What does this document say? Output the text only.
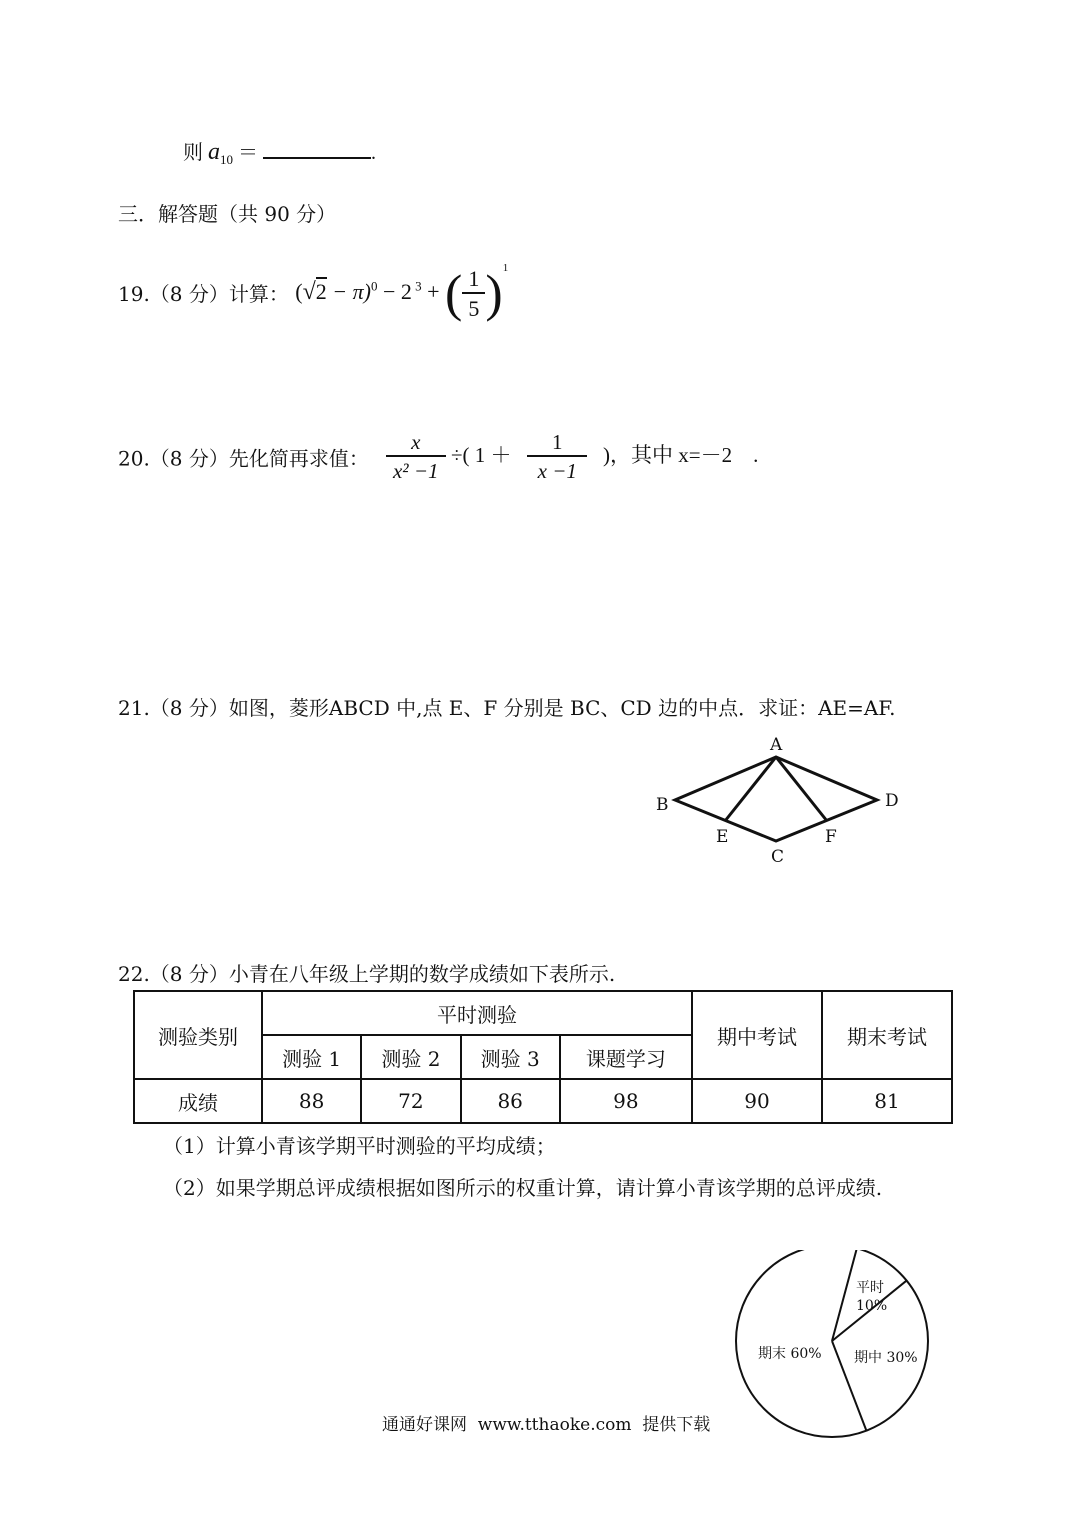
则 $a_{10}$ ＝	.
三．解答题（共 90 分）
19.（8 分）计算： $(√2 - \pi)^0 - 2$ $^3$ + ( $\frac{1}{5} )^1$
20.（8 分）先化简再求值： $\frac{x}{\text{x² −1}}$ ÷( $1 + \frac{1}{x -1}$ )，其中 x=－2 .
21.（8 分）如图，菱形ABCD 中,点 E、F 分别是 BC、CD 边的中点．求证：AE=AF.
A
B	D
E
C
F
22.（8 分）小青在八年级上学期的数学成绩如下表所示.
测验类别	平时测验				期中考试	期末考试
	测验 1	测验 2	测验 3	课题学习		
成绩	88	72	86	98	90	81
（1）计算小青该学期平时测验的平均成绩；
（2）如果学期总评成绩根据如图所示的权重计算，请计算小青该学期的总评成绩.
平时
10%
期中 30%
期末 60%
通通好课网  www.tthaoke.com  提供下载
